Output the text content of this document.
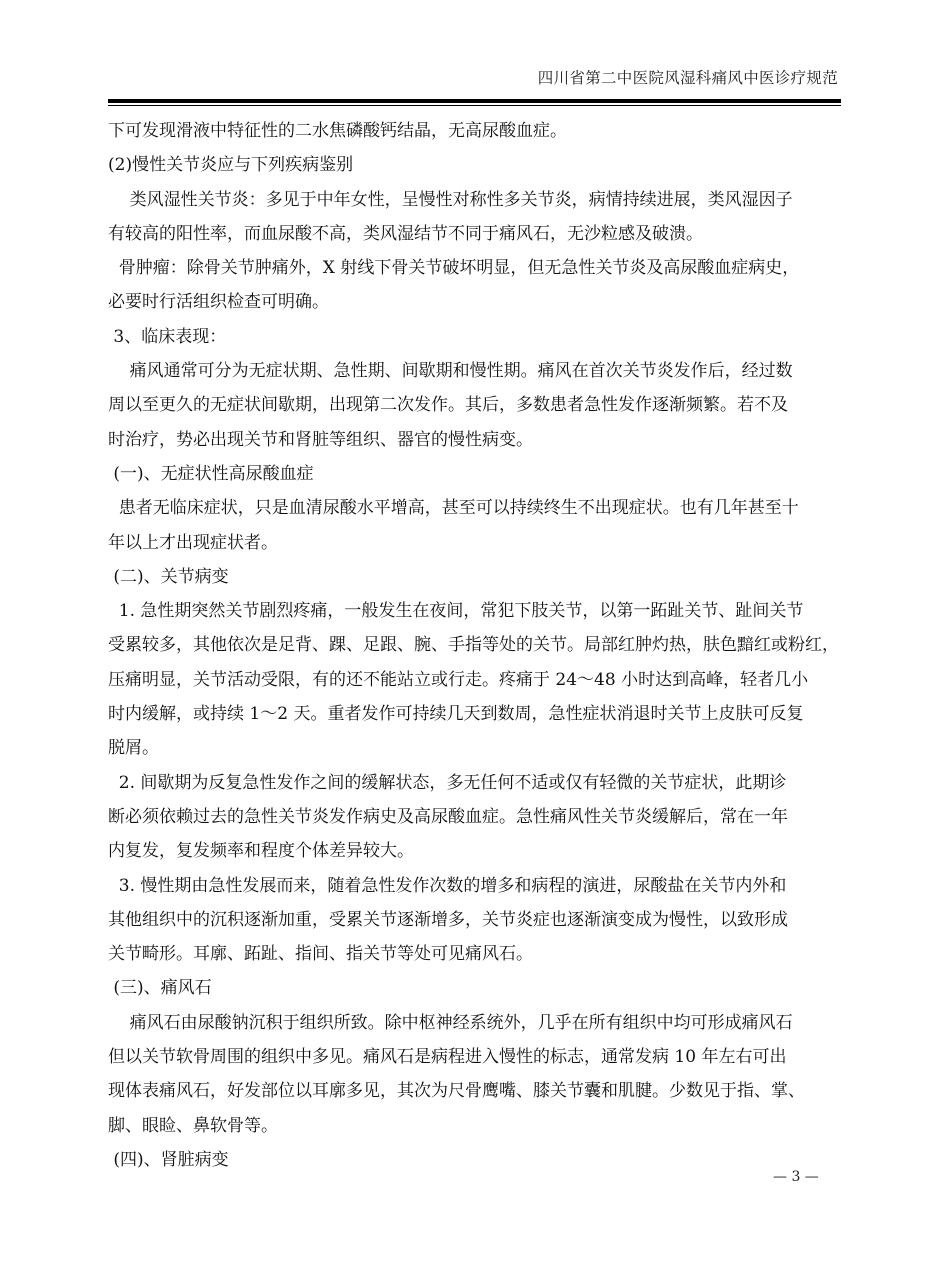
四川省第二中医院风湿科痛风中医诊疗规范
下可发现滑液中特征性的二水焦磷酸钙结晶，无高尿酸血症。
(2)慢性关节炎应与下列疾病鉴别
类风湿性关节炎：多见于中年女性，呈慢性对称性多关节炎，病情持续进展，类风湿因子
有较高的阳性率，而血尿酸不高，类风湿结节不同于痛风石，无沙粒感及破溃。
骨肿瘤：除骨关节肿痛外，X 射线下骨关节破坏明显，但无急性关节炎及高尿酸血症病史，
必要时行活组织检查可明确。
3、临床表现：
痛风通常可分为无症状期、急性期、间歇期和慢性期。痛风在首次关节炎发作后，经过数
周以至更久的无症状间歇期，出现第二次发作。其后，多数患者急性发作逐渐频繁。若不及
时治疗，势必出现关节和肾脏等组织、器官的慢性病变。
(一)、无症状性高尿酸血症
患者无临床症状，只是血清尿酸水平增高，甚至可以持续终生不出现症状。也有几年甚至十
年以上才出现症状者。
(二)、关节病变
1. 急性期突然关节剧烈疼痛，一般发生在夜间，常犯下肢关节，以第一跖趾关节、趾间关节
受累较多，其他依次是足背、踝、足跟、腕、手指等处的关节。局部红肿灼热，肤色黯红或粉红，
压痛明显，关节活动受限，有的还不能站立或行走。疼痛于 24～48 小时达到高峰，轻者几小
时内缓解，或持续 1～2 天。重者发作可持续几天到数周，急性症状消退时关节上皮肤可反复
脱屑。
2. 间歇期为反复急性发作之间的缓解状态，多无任何不适或仅有轻微的关节症状，此期诊
断必须依赖过去的急性关节炎发作病史及高尿酸血症。急性痛风性关节炎缓解后，常在一年
内复发，复发频率和程度个体差异较大。
3. 慢性期由急性发展而来，随着急性发作次数的增多和病程的演进，尿酸盐在关节内外和
其他组织中的沉积逐渐加重，受累关节逐渐增多，关节炎症也逐渐演变成为慢性，以致形成
关节畸形。耳廓、跖趾、指间、指关节等处可见痛风石。
(三)、痛风石
痛风石由尿酸钠沉积于组织所致。除中枢神经系统外，几乎在所有组织中均可形成痛风石
但以关节软骨周围的组织中多见。痛风石是病程进入慢性的标志，通常发病 10 年左右可出
现体表痛风石，好发部位以耳廓多见，其次为尺骨鹰嘴、膝关节囊和肌腱。少数见于指、掌、
脚、眼睑、鼻软骨等。
(四)、肾脏病变
— 3 —
